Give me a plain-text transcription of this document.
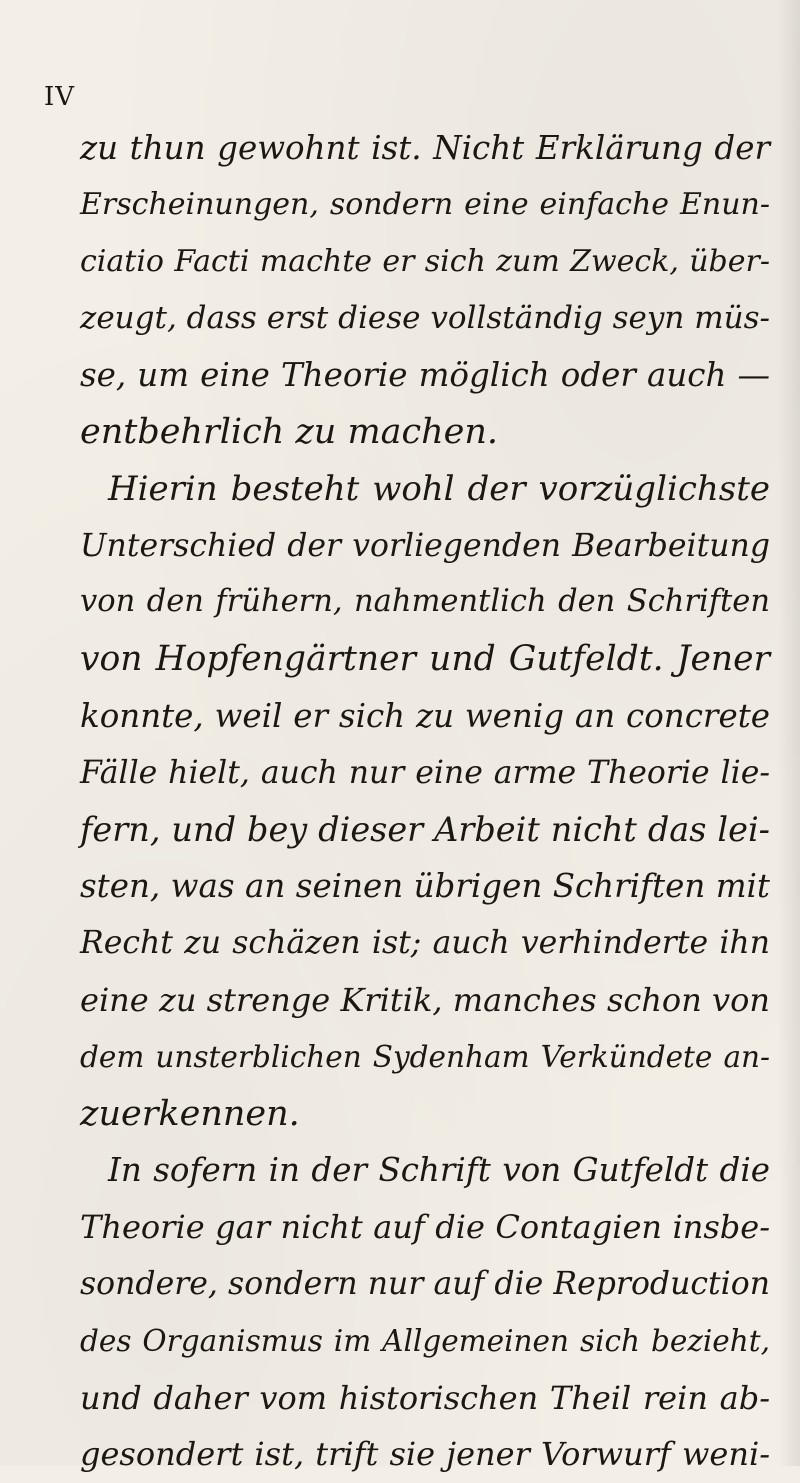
IV
zu thun gewohnt ist. Nicht Erklärung der
Erscheinungen, sondern eine einfache Enun-
ciatio Facti machte er sich zum Zweck, über-
zeugt, dass erst diese vollständig seyn müs-
se, um eine Theorie möglich oder auch —
entbehrlich zu machen.
Hierin besteht wohl der vorzüglichste
Unterschied der vorliegenden Bearbeitung
von den frühern, nahmentlich den Schriften
von Hopfengärtner und Gutfeldt. Jener
konnte, weil er sich zu wenig an concrete
Fälle hielt, auch nur eine arme Theorie lie-
fern, und bey dieser Arbeit nicht das lei-
sten, was an seinen übrigen Schriften mit
Recht zu schäzen ist; auch verhinderte ihn
eine zu strenge Kritik, manches schon von
dem unsterblichen Sydenham Verkündete an-
zuerkennen.
In sofern in der Schrift von Gutfeldt die
Theorie gar nicht auf die Contagien insbe-
sondere, sondern nur auf die Reproduction
des Organismus im Allgemeinen sich bezieht,
und daher vom historischen Theil rein ab-
gesondert ist, trift sie jener Vorwurf weni-
